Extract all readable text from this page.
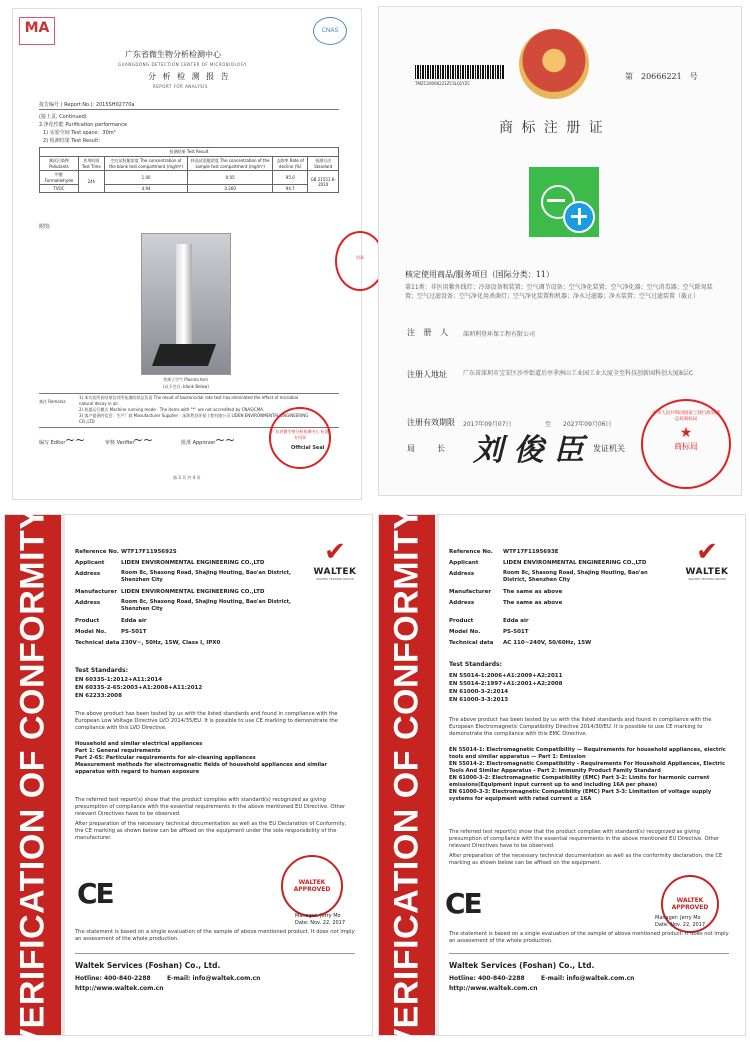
MA	CNAS
广东省微生物分析检测中心
GUANGDONG DETECTION CENTER OF MICROBIOLOGY
分 析 检 测 报 告
REPORT FOR ANALYSIS
报告编号 ( Report No.): 2015SH02770a
(接上页, Continued)
2.净化性能 Purification performance
1) 实验空间 Test space：30m³
2) 检测结果 Test Result：
检测结果 Test Result					
测试污染物 Pollutants	作用时间 Test Time	空白试验舱浓度 The concentration of the blank test compartment (mg/m³)	样品试验舱浓度 The concentration of the sample test compartment (mg/m³)	去除率 Rate of decline (%)	检测方法 Standard
甲醛 Formaldehyde	24h	1.00	0.05	95.0	GB 21551.6-2010
TVOC		4.94	0.260	94.7	
附图:
等离子空气 Plasma tern
(以下空白, blank Below)
备注 Remarks
1) 本实验所获结果仅对所检测的样品负责 The result of bactericidal rate test has eliminated the effect of microbial natural decay in air.
2) 机器运行模式 Machine running mode：The items with "*" are not accredited by CNAS/CMA.
3) 客户提供的信息：生产厂商 Manufacturer Supplier：深圳利登环保工程有限公司 LIDEN ENVIRONMENTAL ENGINEERING CO.,LTD
编写 Editor ~~	审核 Verifier
~~	批准 Approver ~~
Official Seal
广东省微生物分析检测中心 检测专用章
用章
第 3 页 共 4 页
TMZC20066221ZCSL01YZC
第　20666221　号
商 标 注 册 证
核定使用商品/服务项目（国际分类：11）
第11类：非医用紫外线灯；冷却设备和装置；空气调节设备；空气净化装置；空气净化器；空气消毒器；空气除臭装置；空气过滤设备；空气净化用杀菌灯；空气净化装置和机器；净水过滤器；净水装置；空气过滤装置（截止）
注 册 人 深圳利登环保工程有限公司
注册人地址	广东省深圳市宝安区沙井街道后亭茅洲山工业园工业大厦全至科技创新园科创大厦8层C
注册有效期限 2017年09月07日	至 2027年09月06日
局　　长 刘 俊 臣 发证机关
中华人民共和国国家工商行政管理总局商标局
★
商标局
VERIFICATION OF CONFORMITY	✔
WALTEK
WALTEK TESTING GROUP
Reference No. WTF17F1195692S
Applicant	LIDEN ENVIRONMENTAL ENGINEERING CO.,LTD
Address	Room 8c, Shasong Road, Shajing Houting, Bao'an District, Shenzhen City
Manufacturer LIDEN ENVIRONMENTAL ENGINEERING CO.,LTD
Address	Room 8c, Shasong Road, Shajing Houting, Bao'an District, Shenzhen City
Product	Edda air
Model No.	PS-501T
Technical data 230V~, 50Hz, 15W, Class I, IPX0
Test Standards:
EN 60335-1:2012+A11:2014
EN 60335-2-65:2003+A1:2008+A11:2012
EN 62233:2008
The above product has been tested by us with the listed standards and found in compliance with the European Low Voltage Directive LVD 2014/35/EU. It is possible to use CE marking to demonstrate the compliance with this LVD Directive.
Household and similar electrical appliances
Part 1: General requirements
Part 2-65: Particular requirements for air-cleaning appliances
Measurement methods for electromagnetic fields of household appliances and similar apparatus with regard to human exposure
The referred test report(s) show that the product complies with standard(s) recognized as giving presumption of compliance with the essential requirements in the above mentioned EU Directive. Other relevant Directives have to be observed.
After preparation of the necessary technical documentation as well as the EU Declaration of Conformity, the CE marking as shown below can be affixed on the equipment under the sole responsibility of the manufacturer.
CE	WALTEK APPROVED
Manager: Jerry Mo
Date: Nov. 22, 2017
The statement is based on a single evaluation of the sample of above mentioned product. It does not imply an assessment of the whole production.
Waltek Services (Foshan) Co., Ltd.
Hotline: 400-840-2288	E-mail: info@waltek.com.cn
http://www.waltek.com.cn	VERIFICATION OF CONFORMITY	✔
WALTEK
WALTEK TESTING GROUP
Reference No. WTF17F1195693E
Applicant	LIDEN ENVIRONMENTAL ENGINEERING CO.,LTD
Address	Room 8c, Shasong Road, Shajing Houting, Bao'an District, Shenzhen City
Manufacturer The same as above
Address	The same as above
Product	Edda air
Model No.	PS-501T
Technical data AC 110~240V, 50/60Hz, 15W
Test Standards:
EN 55014-1:2006+A1:2009+A2:2011
EN 55014-2:1997+A1:2001+A2:2008
EN 61000-3-2:2014
EN 61000-3-3:2013
The above product has been tested by us with the listed standards and found in compliance with the European Electromagnetic Compatibility Directive 2014/30/EU. It is possible to use CE marking to demonstrate the compliance with this EMC Directive.
EN 55014-1: Electromagnetic Compatibility — Requirements for household appliances, electric tools and similar apparatus — Part 1: Emission
EN 55014-2: Electromagnetic Compatibility - Requirements For Household Appliances, Electric Tools And Similar Apparatus - Part 2: Immunity Product Family Standard
EN 61000-3-2: Electromagnetic Compatibility (EMC) Part 3-2: Limits for harmonic current emissions(Equipment input current up to and including 16A per phase)
EN 61000-3-3: Electromagnetic Compatibility (EMC) Part 3-3: Limitation of voltage supply systems for equipment with rated current ≤ 16A
The referred test report(s) show that the product complies with standard(s) recognized as giving presumption of compliance with the essential requirements in the above mentioned EU Directive. Other relevant Directives have to be observed.
After preparation of the necessary technical documentation as well as the conformity declaration, the CE marking as shown below can be affixed on the equipment.
CE	WALTEK APPROVED
Manager: Jerry Mo
Date: Nov. 22, 2017
The statement is based on a single evaluation of the sample of above mentioned product. It does not imply an assessment of the whole production.
Waltek Services (Foshan) Co., Ltd.
Hotline: 400-840-2288	E-mail: info@waltek.com.cn
http://www.waltek.com.cn
